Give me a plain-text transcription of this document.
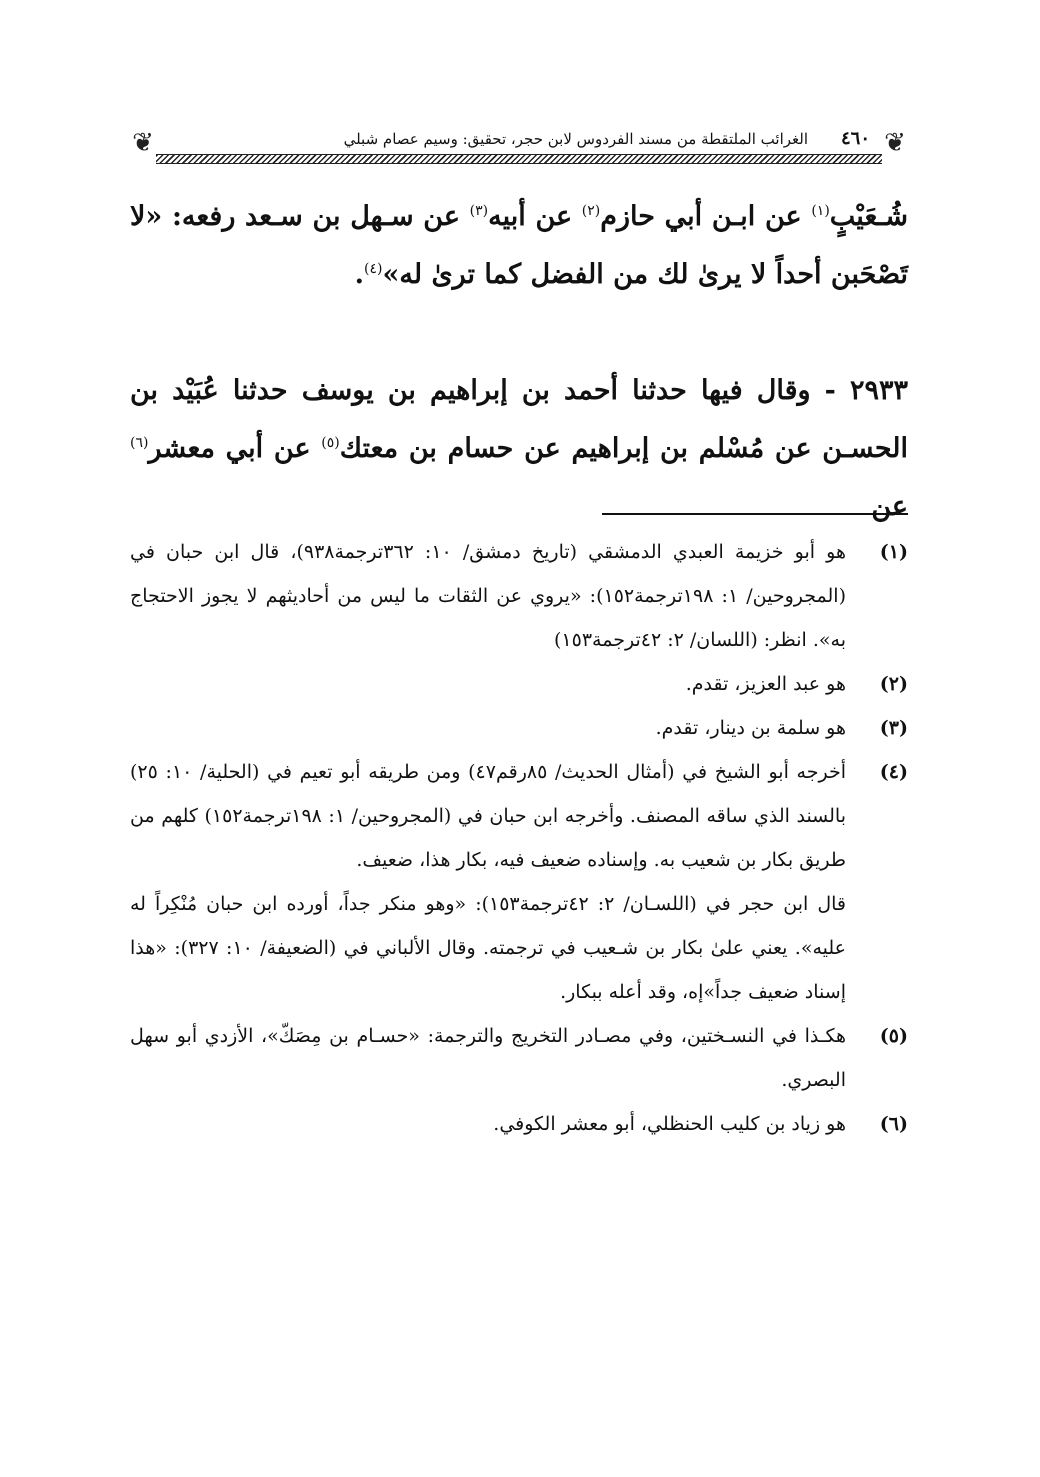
❦
٤٦٠
الغرائب الملتقطة من مسند الفردوس لابن حجر، تحقيق: وسيم عصام شبلي
❦
شُـعَيْبٍ$^{(١)}$ عن ابـن أبي حازم$^{(٢)}$ عن أبيه$^{(٣)}$ عن سـهل بن سـعد رفعه: «لا تَصْحَبن أحداً لا يرىٰ لك من الفضل كما ترىٰ له»$^{(٤)}$.
٢٩٣٣ - وقال فيها حدثنا أحمد بن إبراهيم بن يوسف حدثنا عُبَيْد بن الحسـن عن مُسْلم بن إبراهيم عن حسام بن معتك$^{(٥)}$ عن أبي معشر$^{(٦)}$ عن
(١)
هو أبو خزيمة العبدي الدمشقي (تاريخ دمشق/ ١٠: ٣٦٢ترجمة٩٣٨)، قال ابن حبان في (المجروحين/ ١: ١٩٨ترجمة١٥٢): «يروي عن الثقات ما ليس من أحاديثهم لا يجوز الاحتجاج به». انظر: (اللسان/ ٢: ٤٢ترجمة١٥٣)
(٢)
هو عبد العزيز، تقدم.
(٣)
هو سلمة بن دينار، تقدم.
(٤)
أخرجه أبو الشيخ في (أمثال الحديث/ ٨٥رقم٤٧) ومن طريقه أبو تعيم في (الحلية/ ١٠: ٢٥) بالسند الذي ساقه المصنف. وأخرجه ابن حبان في (المجروحين/ ١: ١٩٨ترجمة١٥٢) كلهم من طريق بكار بن شعيب به. وإسناده ضعيف فيه، بكار هذا، ضعيف.
قال ابن حجر في (اللسـان/ ٢: ٤٢ترجمة١٥٣): «وهو منكر جداً، أورده ابن حبان مُنْكِراً له عليه». يعني علىٰ بكار بن شـعيب في ترجمته. وقال الألباني في (الضعيفة/ ١٠: ٣٢٧): «هذا إسناد ضعيف جداً»إه، وقد أعله ببكار.
(٥)
هكـذا في النسـختين، وفي مصـادر التخريج والترجمة: «حسـام بن مِصَكّ»، الأزدي أبو سهل البصري.
(٦)
هو زياد بن كليب الحنظلي، أبو معشر الكوفي.
